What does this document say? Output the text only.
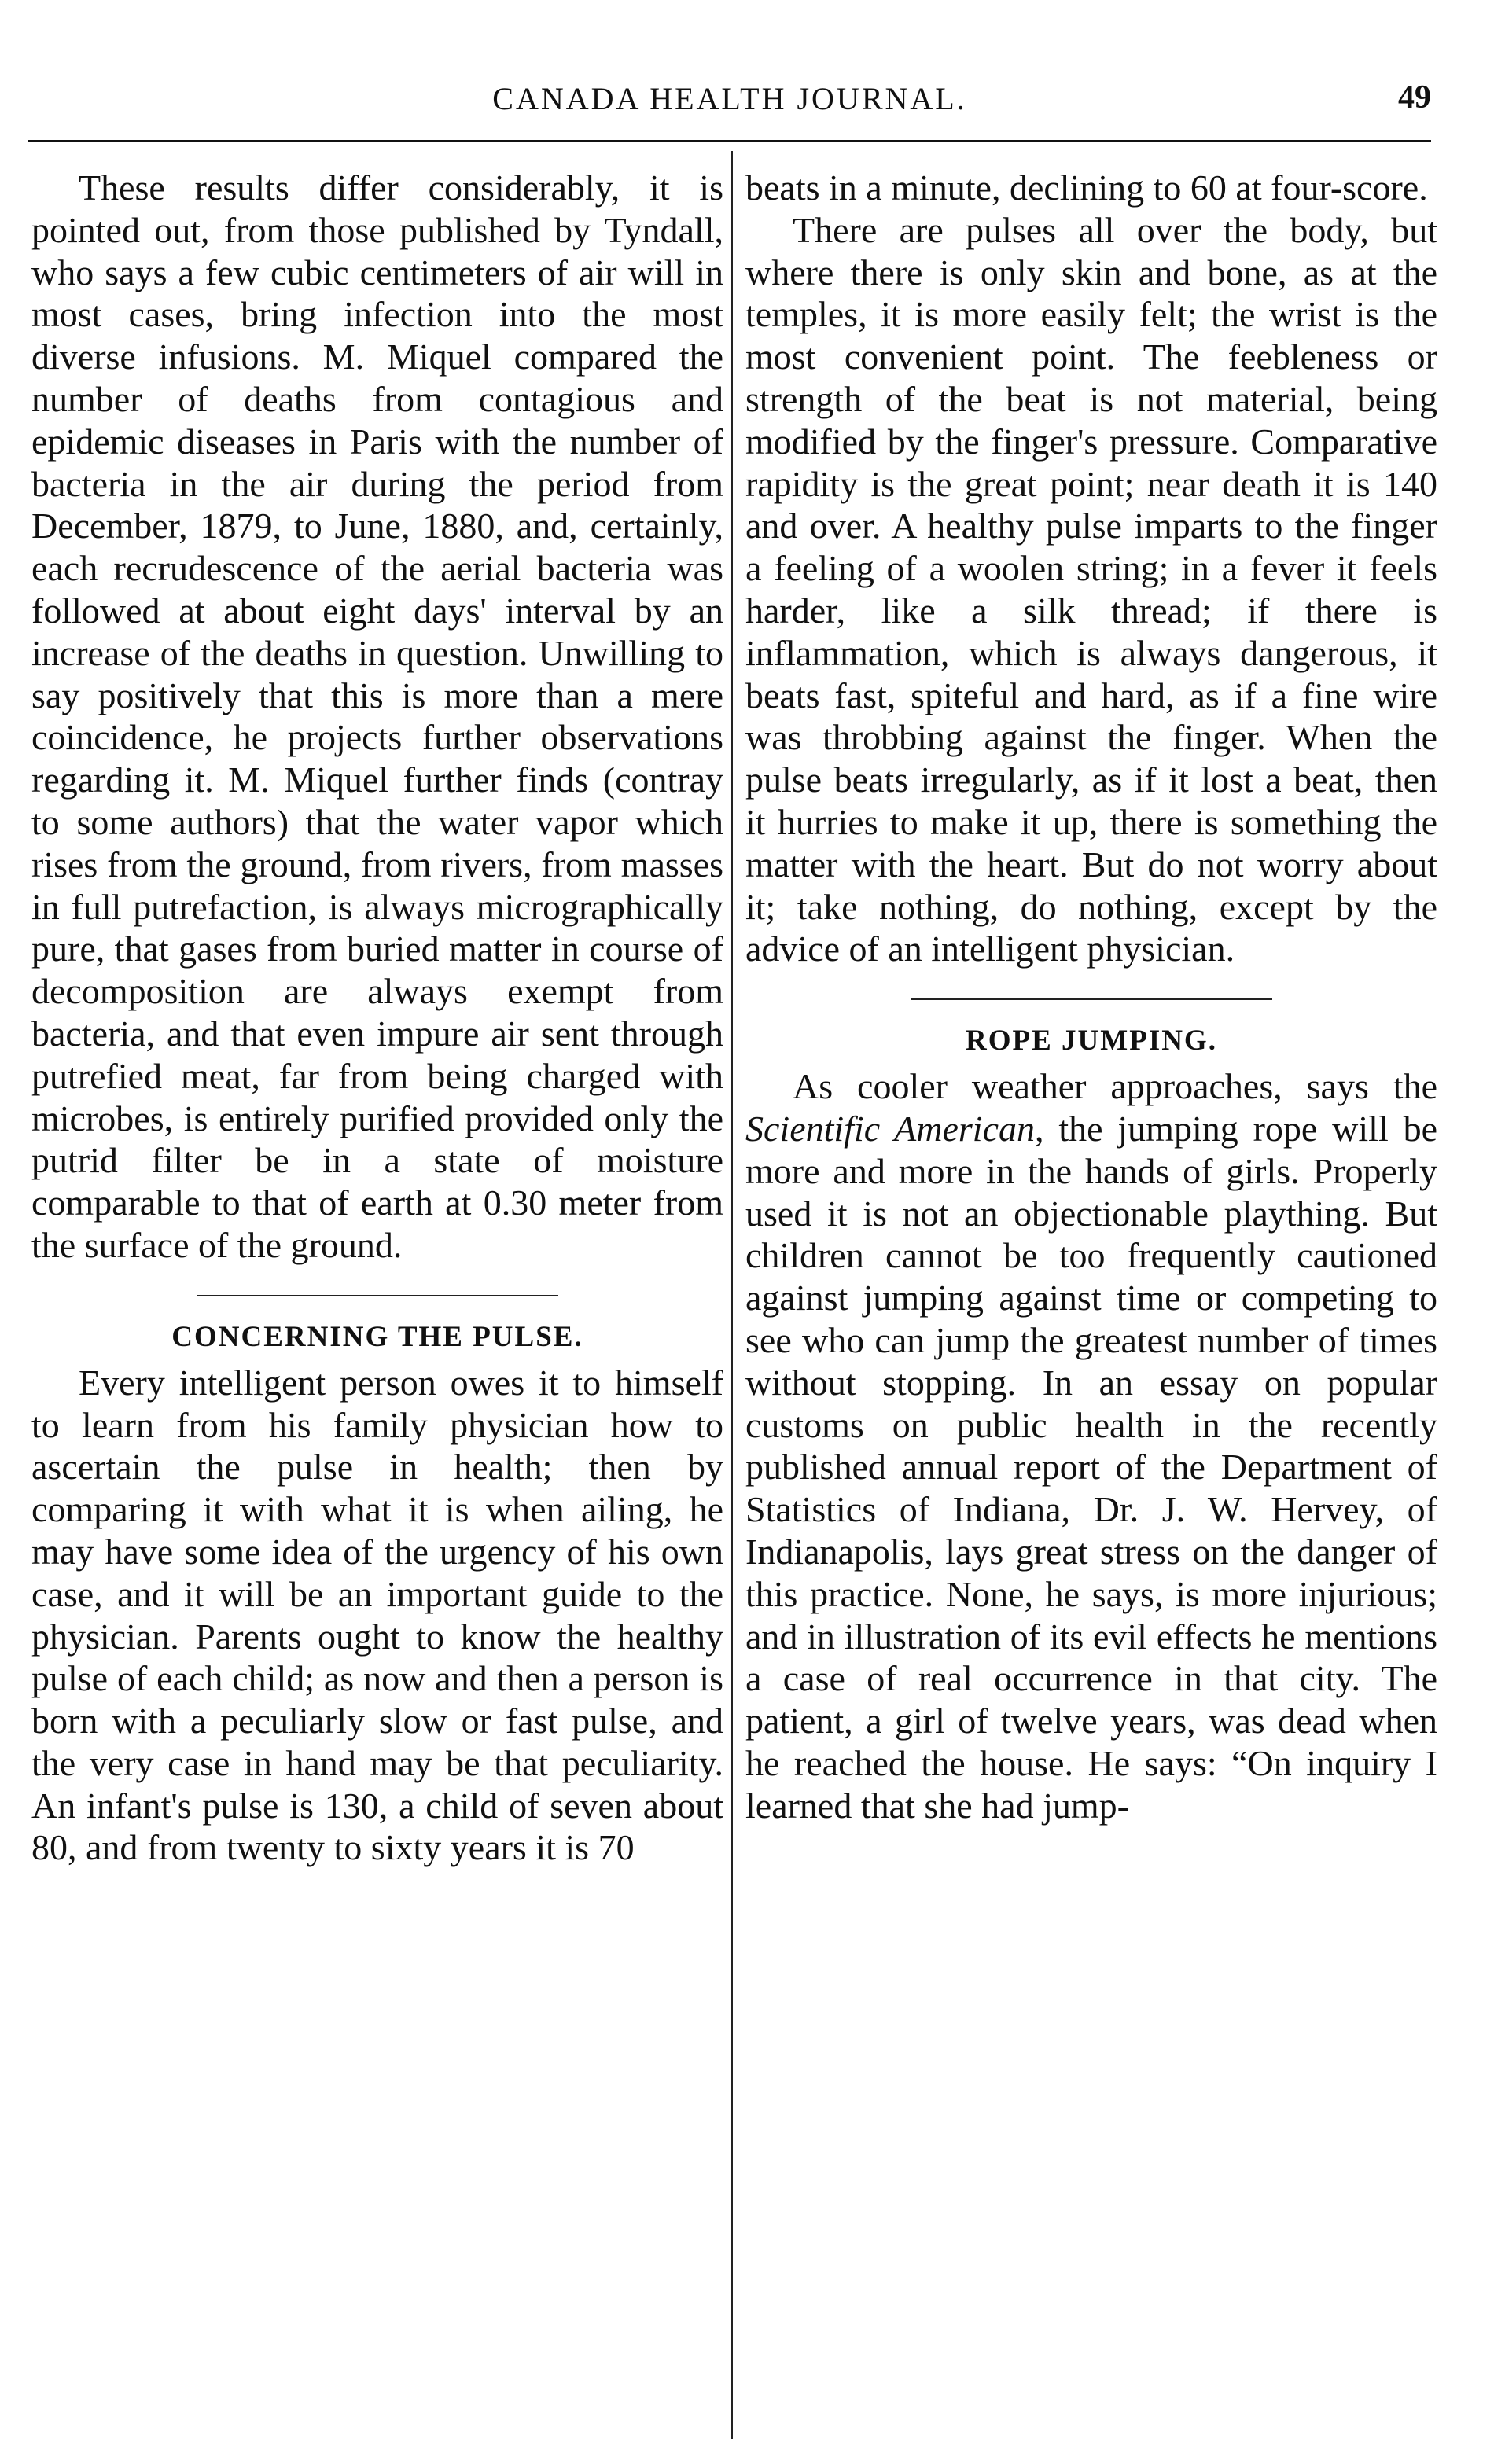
CANADA HEALTH JOURNAL.	49

These results differ considerably, it is pointed out, from those published by Tyndall, who says a few cubic centimeters of air will in most cases, bring infection into the most diverse infusions. M. Miquel compared the number of deaths from contagious and epidemic diseases in Paris with the number of bacteria in the air during the period from December, 1879, to June, 1880, and, certainly, each recrudescence of the aerial bacteria was followed at about eight days' interval by an increase of the deaths in question. Unwilling to say positively that this is more than a mere coincidence, he projects further observations regarding it. M. Miquel further finds (contray to some authors) that the water vapor which rises from the ground, from rivers, from masses in full putrefaction, is always micrographically pure, that gases from buried matter in course of decomposition are always exempt from bacteria, and that even impure air sent through putrefied meat, far from being charged with microbes, is entirely purified provided only the putrid filter be in a state of moisture comparable to that of earth at 0.30 meter from the surface of the ground.

CONCERNING THE PULSE.

Every intelligent person owes it to himself to learn from his family physician how to ascertain the pulse in health; then by comparing it with what it is when ailing, he may have some idea of the urgency of his own case, and it will be an important guide to the physician. Parents ought to know the healthy pulse of each child; as now and then a person is born with a peculiarly slow or fast pulse, and the very case in hand may be that peculiarity. An infant's pulse is 130, a child of seven about 80, and from twenty to sixty years it is 70

beats in a minute, declining to 60 at four-score.

There are pulses all over the body, but where there is only skin and bone, as at the temples, it is more easily felt; the wrist is the most convenient point. The feebleness or strength of the beat is not material, being modified by the finger's pressure. Comparative rapidity is the great point; near death it is 140 and over. A healthy pulse imparts to the finger a feeling of a woolen string; in a fever it feels harder, like a silk thread; if there is inflammation, which is always dangerous, it beats fast, spiteful and hard, as if a fine wire was throbbing against the finger. When the pulse beats irregularly, as if it lost a beat, then it hurries to make it up, there is something the matter with the heart. But do not worry about it; take nothing, do nothing, except by the advice of an intelligent physician.

ROPE JUMPING.

As cooler weather approaches, says the Scientific American, the jumping rope will be more and more in the hands of girls. Properly used it is not an objectionable plaything. But children cannot be too frequently cautioned against jumping against time or competing to see who can jump the greatest number of times without stopping. In an essay on popular customs on public health in the recently published annual report of the Department of Statistics of Indiana, Dr. J. W. Hervey, of Indianapolis, lays great stress on the danger of this practice. None, he says, is more injurious; and in illustration of its evil effects he mentions a case of real occurrence in that city. The patient, a girl of twelve years, was dead when he reached the house. He says: “On inquiry I learned that she had jump-
